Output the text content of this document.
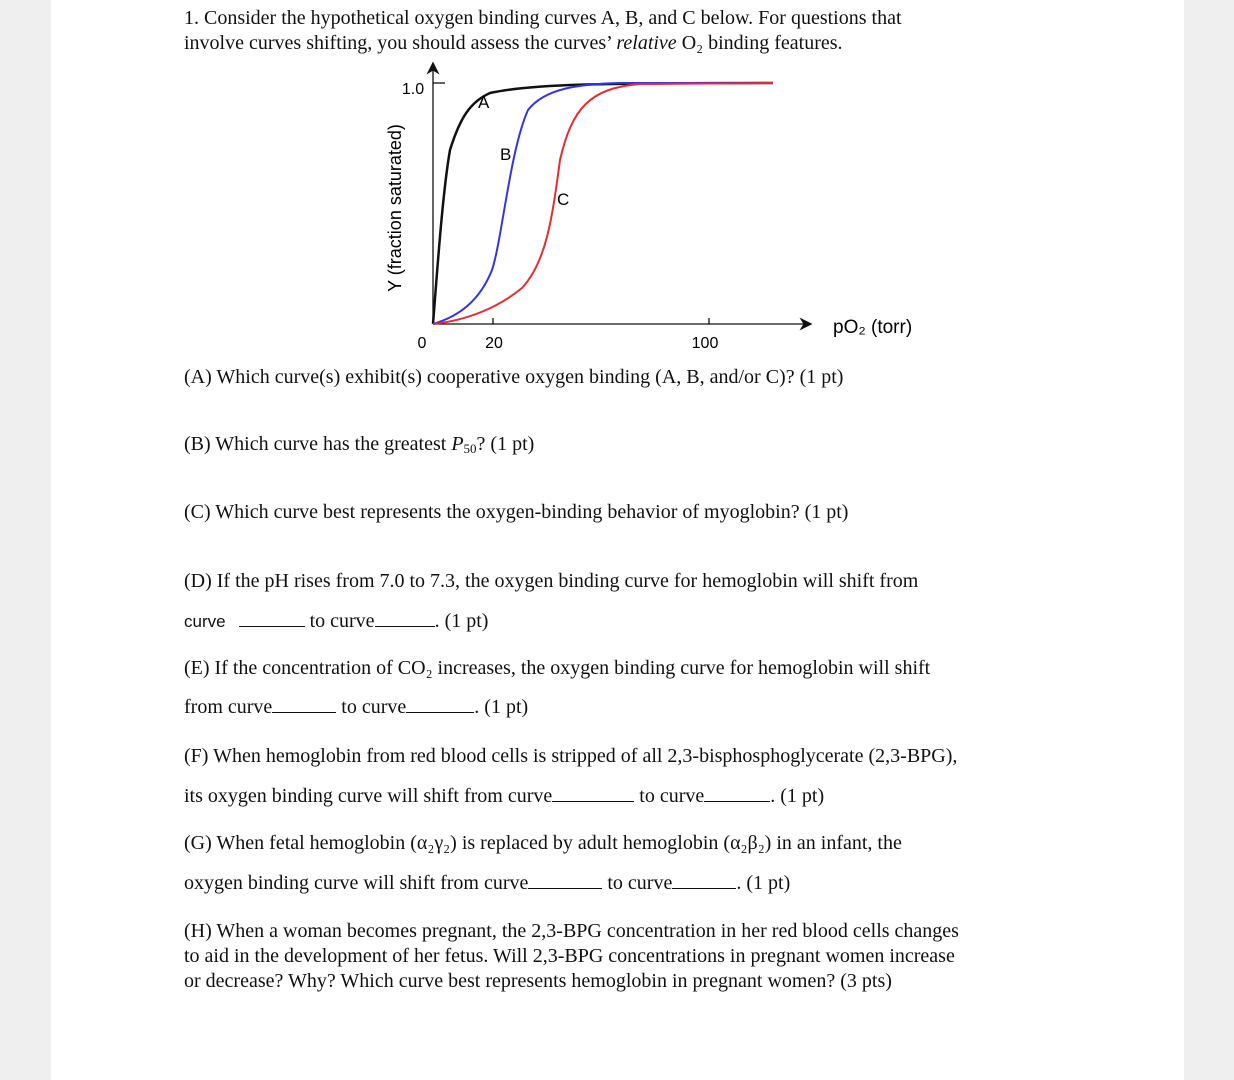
1. Consider the hypothetical oxygen binding curves A, B, and C below. For questions that
involve curves shifting, you should assess the curves’ relative O₂ binding features.
1.0
0	20	100
pO₂ (torr)
Y (fraction saturated)
A
B
C
(A) Which curve(s) exhibit(s) cooperative oxygen binding (A, B, and/or C)? (1 pt)
(B) Which curve has the greatest $P_{50}$? (1 pt)
(C) Which curve best represents the oxygen-binding behavior of myoglobin? (1 pt)
(D) If the pH rises from 7.0 to 7.3, the oxygen binding curve for hemoglobin will shift from
curve	to curve	. (1 pt)
(E) If the concentration of CO₂ increases, the oxygen binding curve for hemoglobin will shift
from curve	to curve	. (1 pt)
(F) When hemoglobin from red blood cells is stripped of all 2,3-bisphosphoglycerate (2,3-BPG),
its oxygen binding curve will shift from curve	to curve	. (1 pt)
(G) When fetal hemoglobin (α₂γ₂) is replaced by adult hemoglobin (α₂β₂) in an infant, the
oxygen binding curve will shift from curve	to curve	. (1 pt)
(H) When a woman becomes pregnant, the 2,3-BPG concentration in her red blood cells changes
to aid in the development of her fetus. Will 2,3-BPG concentrations in pregnant women increase
or decrease? Why? Which curve best represents hemoglobin in pregnant women? (3 pts)
